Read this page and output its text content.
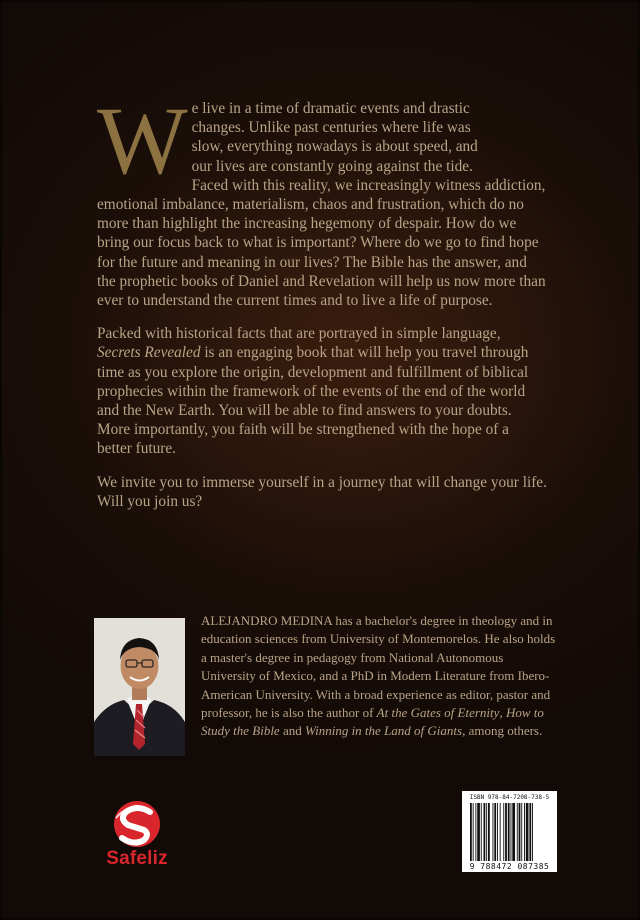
W e live in a time of dramatic events and drastic
changes. Unlike past centuries where life was
slow, everything nowadays is about speed, and
our lives are constantly going against the tide.
Faced with this reality, we increasingly witness addiction, emotional imbalance, materialism, chaos and frustration, which do no more than highlight the increasing hegemony of despair. How do we bring our focus back to what is important? Where do we go to find hope for the future and meaning in our lives? The Bible has the answer, and the prophetic books of Daniel and Revelation will help us now more than ever to understand the current times and to live a life of purpose.

Packed with historical facts that are portrayed in simple language, Secrets Revealed is an engaging book that will help you travel through time as you explore the origin, development and fulfillment of biblical prophecies within the framework of the events of the end of the world and the New Earth. You will be able to find answers to your doubts. More importantly, you faith will be strengthened with the hope of a better future.

We invite you to immerse yourself in a journey that will change your life. Will you join us?

ALEJANDRO MEDINA has a bachelor's degree in theology and in education sciences from University of Montemorelos. He also holds a master's degree in pedagogy from National Autonomous University of Mexico, and a PhD in Modern Literature from Ibero-American University. With a broad experience as editor, pastor and professor, he is also the author of At the Gates of Eternity, How to Study the Bible and Winning in the Land of Giants, among others.

Safeliz
ISBN 978-84-7208-738-5
9 788472 087385
